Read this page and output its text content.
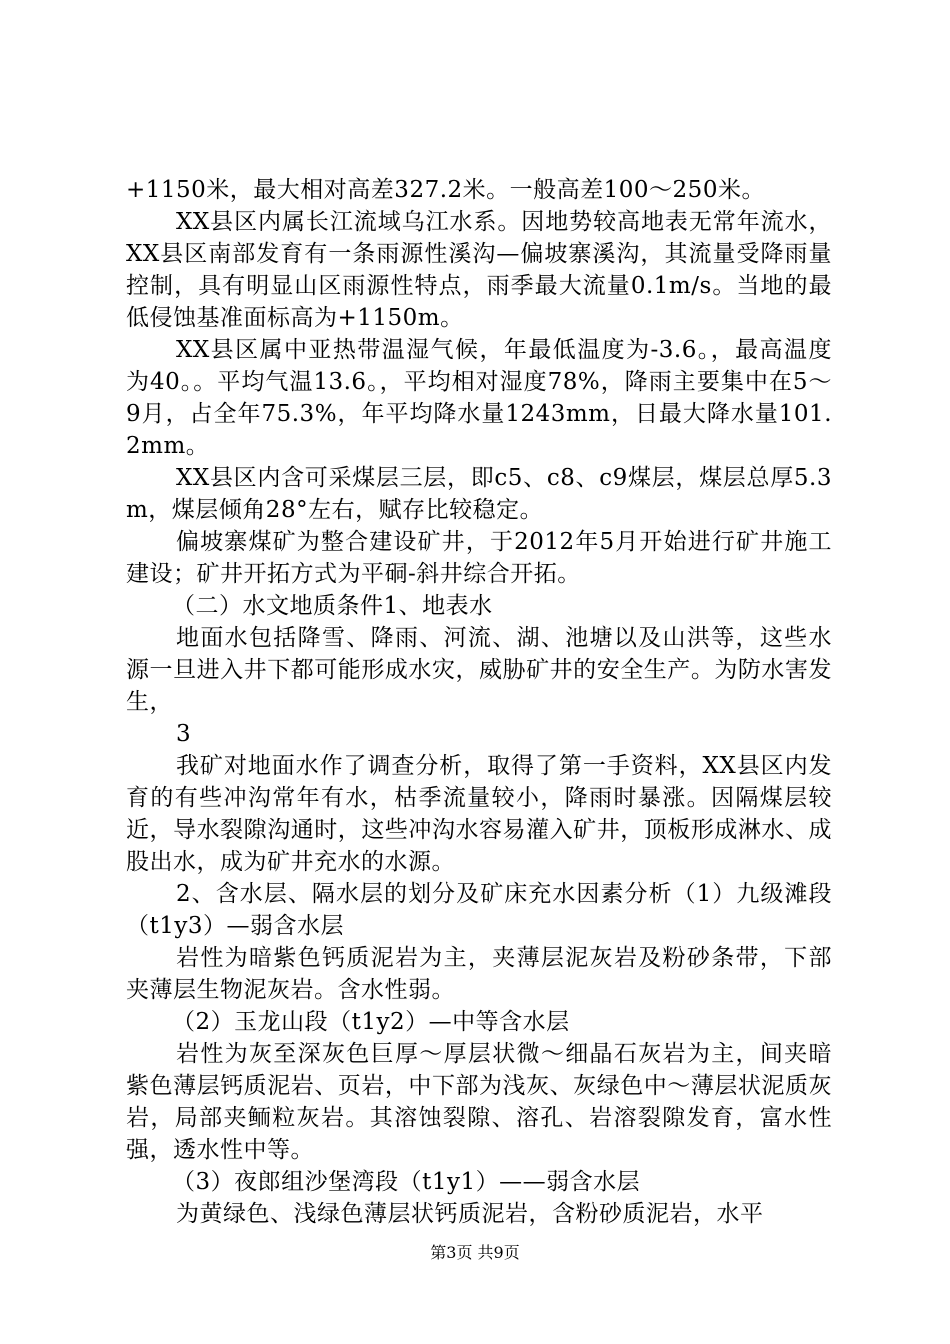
+1150米，最大相对高差327.2米。一般高差100～250米。

XX县区内属长江流域乌江水系。因地势较高地表无常年流水，XX县区南部发育有一条雨源性溪沟—偏坡寨溪沟，其流量受降雨量控制，具有明显山区雨源性特点，雨季最大流量0.1m/s。当地的最低侵蚀基准面标高为+1150m。

XX县区属中亚热带温湿气候，年最低温度为-3.6。，最高温度为40。。平均气温13.6。，平均相对湿度78%，降雨主要集中在5～9月，占全年75.3%，年平均降水量1243mm，日最大降水量101.2mm。

XX县区内含可采煤层三层，即c5、c8、c9煤层，煤层总厚5.3m，煤层倾角28°左右，赋存比较稳定。

偏坡寨煤矿为整合建设矿井，于2012年5月开始进行矿井施工建设；矿井开拓方式为平硐-斜井综合开拓。

（二）水文地质条件1、地表水

地面水包括降雪、降雨、河流、湖、池塘以及山洪等，这些水源一旦进入井下都可能形成水灾，威胁矿井的安全生产。为防水害发生，

3

我矿对地面水作了调查分析，取得了第一手资料，XX县区内发育的有些冲沟常年有水，枯季流量较小，降雨时暴涨。因隔煤层较近，导水裂隙沟通时，这些冲沟水容易灌入矿井，顶板形成淋水、成股出水，成为矿井充水的水源。

2、含水层、隔水层的划分及矿床充水因素分析（1）九级滩段（t1y3）—弱含水层

岩性为暗紫色钙质泥岩为主，夹薄层泥灰岩及粉砂条带，下部夹薄层生物泥灰岩。含水性弱。

（2）玉龙山段（t1y2）—中等含水层

岩性为灰至深灰色巨厚～厚层状微～细晶石灰岩为主，间夹暗紫色薄层钙质泥岩、页岩，中下部为浅灰、灰绿色中～薄层状泥质灰岩，局部夹鲕粒灰岩。其溶蚀裂隙、溶孔、岩溶裂隙发育，富水性强，透水性中等。

（3）夜郎组沙堡湾段（t1y1）——弱含水层

为黄绿色、浅绿色薄层状钙质泥岩，含粉砂质泥岩，水平

第3页 共9页
